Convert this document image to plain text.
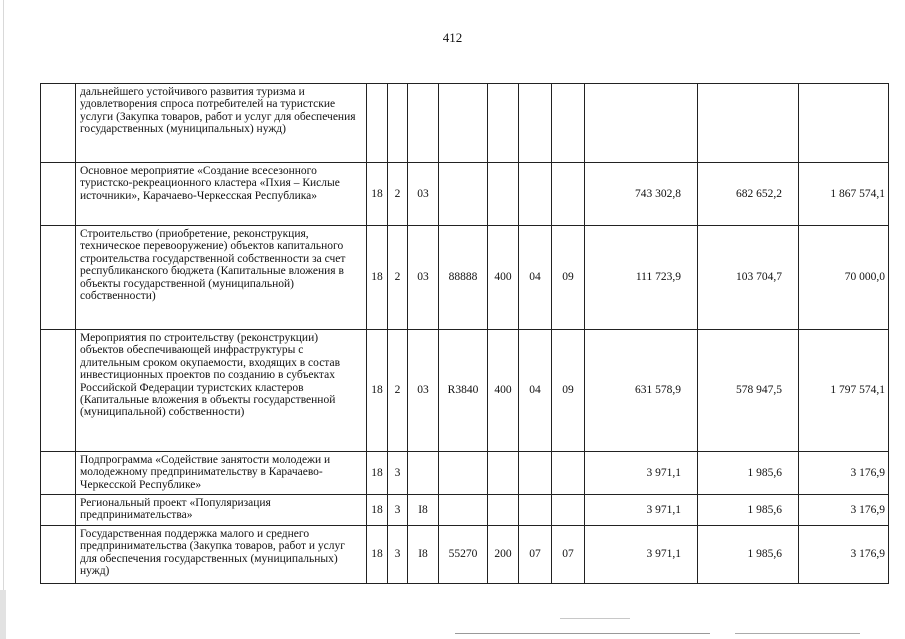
412
	дальнейшего устойчивого развития туризма и удовлетворения спроса потребителей на туристские услуги (Закупка товаров, работ и услуг для обеспечения государственных (муниципальных) нужд)										
	Основное мероприятие «Создание всесезонного туристско-рекреационного кластера «Пхия – Кислые источники», Карачаево-Черкесская Республика»	18	2	03					743 302,8	682 652,2	1 867 574,1
	Строительство (приобретение, реконструкция, техническое перевооружение) объектов капитального строительства государственной собственности за счет республиканского бюджета (Капитальные вложения в объекты государственной (муниципальной) собственности)	18	2	03	88888	400	04	09	111 723,9	103 704,7	70 000,0
	Мероприятия по строительству (реконструкции) объектов обеспечивающей инфраструктуры с длительным сроком окупаемости, входящих в состав инвестиционных проектов по созданию в субъектах Российской Федерации туристских кластеров (Капитальные вложения в объекты государственной (муниципальной) собственности)	18	2	03	R3840	400	04	09	631 578,9	578 947,5	1 797 574,1
	Подпрограмма «Содействие занятости молодежи и молодежному предпринимательству в Карачаево-Черкесской Республике»	18	3						3 971,1	1 985,6	3 176,9
	Региональный проект «Популяризация предпринимательства»	18	3	I8					3 971,1	1 985,6	3 176,9
	Государственная поддержка малого и среднего предпринимательства (Закупка товаров, работ и услуг для обеспечения государственных (муниципальных) нужд)	18	3	I8	55270	200	07	07	3 971,1	1 985,6	3 176,9
